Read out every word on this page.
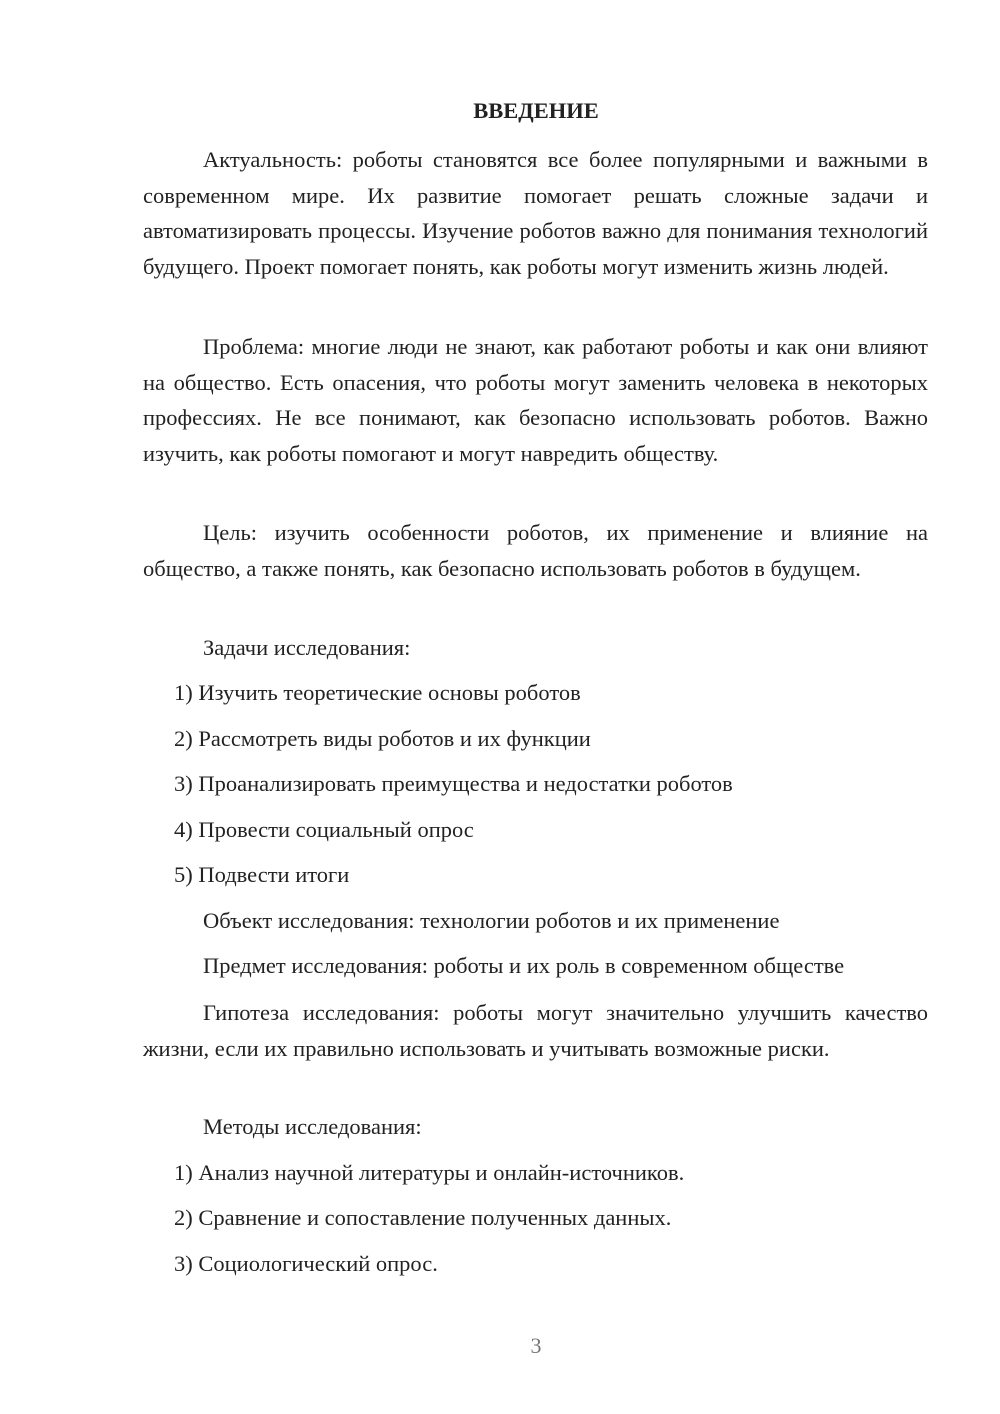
ВВЕДЕНИЕ

Актуальность: роботы становятся все более популярными и важными в современном мире. Их развитие помогает решать сложные задачи и автоматизировать процессы. Изучение роботов важно для понимания технологий будущего. Проект помогает понять, как роботы могут изменить жизнь людей.

Проблема: многие люди не знают, как работают роботы и как они влияют на общество. Есть опасения, что роботы могут заменить человека в некоторых профессиях. Не все понимают, как безопасно использовать роботов. Важно изучить, как роботы помогают и могут навредить обществу.

Цель: изучить особенности роботов, их применение и влияние на общество, а также понять, как безопасно использовать роботов в будущем.

Задачи исследования:

1) Изучить теоретические основы роботов

2) Рассмотреть виды роботов и их функции

3) Проанализировать преимущества и недостатки роботов

4) Провести социальный опрос

5) Подвести итоги

Объект исследования: технологии роботов и их применение

Предмет исследования: роботы и их роль в современном обществе

Гипотеза исследования: роботы могут значительно улучшить качество жизни, если их правильно использовать и учитывать возможные риски.

Методы исследования:

1) Анализ научной литературы и онлайн-источников.

2) Сравнение и сопоставление полученных данных.

3) Социологический опрос.

3
